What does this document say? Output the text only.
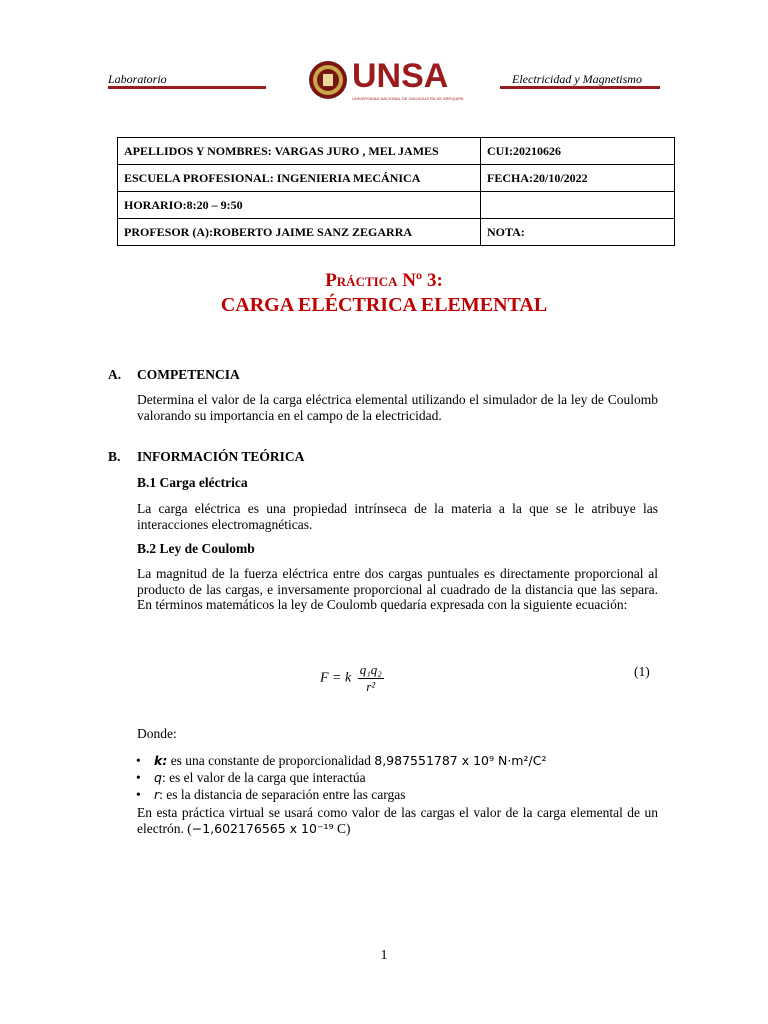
Laboratorio	UNSA
UNIVERSIDAD NACIONAL DE SAN AGUSTÍN DE AREQUIPA
Electricidad y Magnetismo
APELLIDOS Y NOMBRES: VARGAS JURO , MEL JAMES	CUI:20210626
ESCUELA PROFESIONAL: INGENIERIA MECÁNICA	FECHA:20/10/2022
HORARIO:8:20 – 9:50	
PROFESOR (A):ROBERTO JAIME SANZ ZEGARRA	NOTA:
Práctica Nº 3:
CARGA ELÉCTRICA ELEMENTAL
A. COMPETENCIA
Determina el valor de la carga eléctrica elemental utilizando el simulador de la ley de Coulomb valorando su importancia en el campo de la electricidad.
B. INFORMACIÓN TEÓRICA
B.1 Carga eléctrica
La carga eléctrica es una propiedad intrínseca de la materia a la que se le atribuye las interacciones electromagnéticas.
B.2 Ley de Coulomb
La magnitud de la fuerza eléctrica entre dos cargas puntuales es directamente proporcional al producto de las cargas, e inversamente proporcional al cuadrado de la distancia que las separa. En términos matemáticos la ley de Coulomb quedaría expresada con la siguiente ecuación:
F = k $\frac{\text{q₁q₂}}{\text{r²}}$	(1)
Donde:
• k: es una constante de proporcionalidad 8,987551787 x 10⁹ N·m²/C²
• q: es el valor de la carga que interactúa
• r: es la distancia de separación entre las cargas
En esta práctica virtual se usará como valor de las cargas el valor de la carga elemental de un electrón. (−1,602176565 x 10⁻¹⁹ C)
1
